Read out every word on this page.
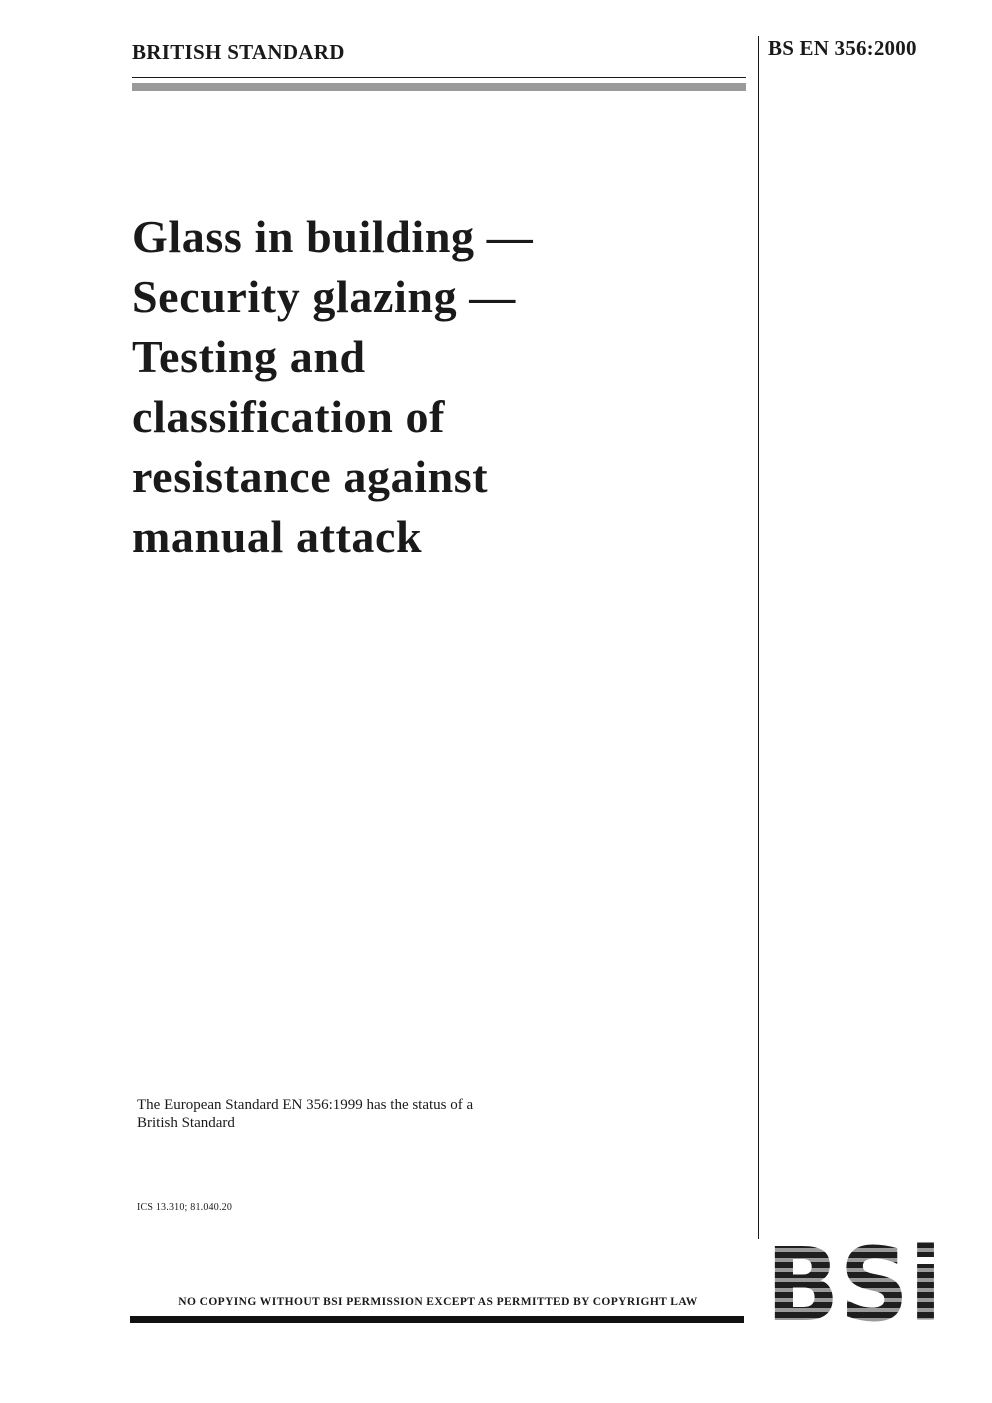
BRITISH STANDARD	BS EN 356:2000
Glass in building —
Security glazing —
Testing and
classification of
resistance against
manual attack
The European Standard EN 356:1999 has the status of a
British Standard
ICS 13.310; 81.040.20
NO COPYING WITHOUT BSI PERMISSION EXCEPT AS PERMITTED BY COPYRIGHT LAW
